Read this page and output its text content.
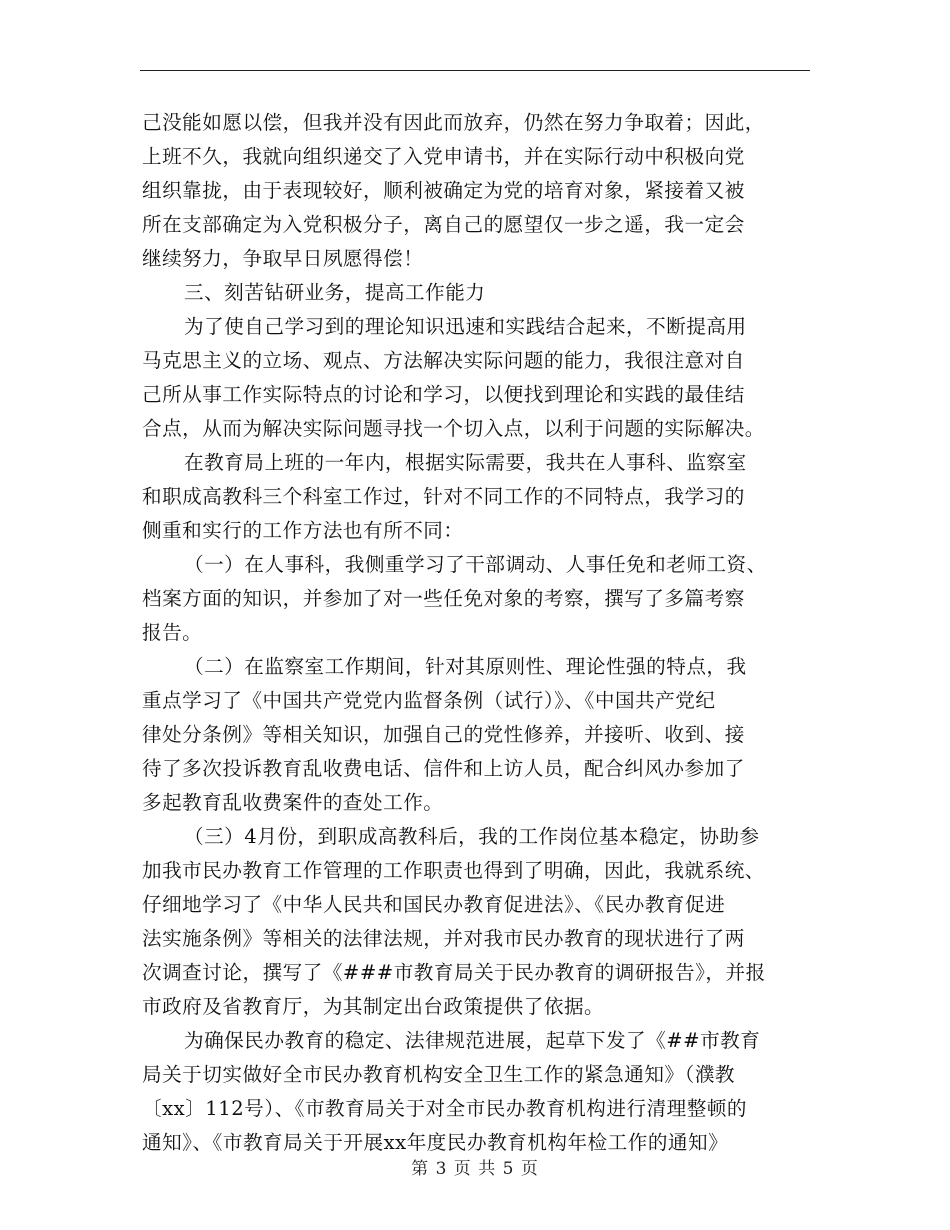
己没能如愿以偿，但我并没有因此而放弃，仍然在努力争取着；因此，

上班不久，我就向组织递交了入党申请书，并在实际行动中积极向党

组织靠拢，由于表现较好，顺利被确定为党的培育对象，紧接着又被

所在支部确定为入党积极分子，离自己的愿望仅一步之遥，我一定会

继续努力，争取早日夙愿得偿！

三、刻苦钻研业务，提高工作能力

为了使自己学习到的理论知识迅速和实践结合起来，不断提高用

马克思主义的立场、观点、方法解决实际问题的能力，我很注意对自

己所从事工作实际特点的讨论和学习，以便找到理论和实践的最佳结

合点，从而为解决实际问题寻找一个切入点，以利于问题的实际解决。

在教育局上班的一年内，根据实际需要，我共在人事科、监察室

和职成高教科三个科室工作过，针对不同工作的不同特点，我学习的

侧重和实行的工作方法也有所不同：

（一）在人事科，我侧重学习了干部调动、人事任免和老师工资、

档案方面的知识，并参加了对一些任免对象的考察，撰写了多篇考察

报告。

（二）在监察室工作期间，针对其原则性、理论性强的特点，我

重点学习了《中国共产党党内监督条例（试行）》、《中国共产党纪

律处分条例》等相关知识，加强自己的党性修养，并接听、收到、接

待了多次投诉教育乱收费电话、信件和上访人员，配合纠风办参加了

多起教育乱收费案件的查处工作。

（三）4月份，到职成高教科后，我的工作岗位基本稳定，协助参

加我市民办教育工作管理的工作职责也得到了明确，因此，我就系统、

仔细地学习了《中华人民共和国民办教育促进法》、《民办教育促进

法实施条例》等相关的法律法规，并对我市民办教育的现状进行了两

次调查讨论，撰写了《###市教育局关于民办教育的调研报告》，并报

市政府及省教育厅，为其制定出台政策提供了依据。

为确保民办教育的稳定、法律规范进展，起草下发了《##市教育

局关于切实做好全市民办教育机构安全卫生工作的紧急通知》（濮教

〔xx〕112号）、《市教育局关于对全市民办教育机构进行清理整顿的

通知》、《市教育局关于开展xx年度民办教育机构年检工作的通知》

第 3 页 共 5 页
